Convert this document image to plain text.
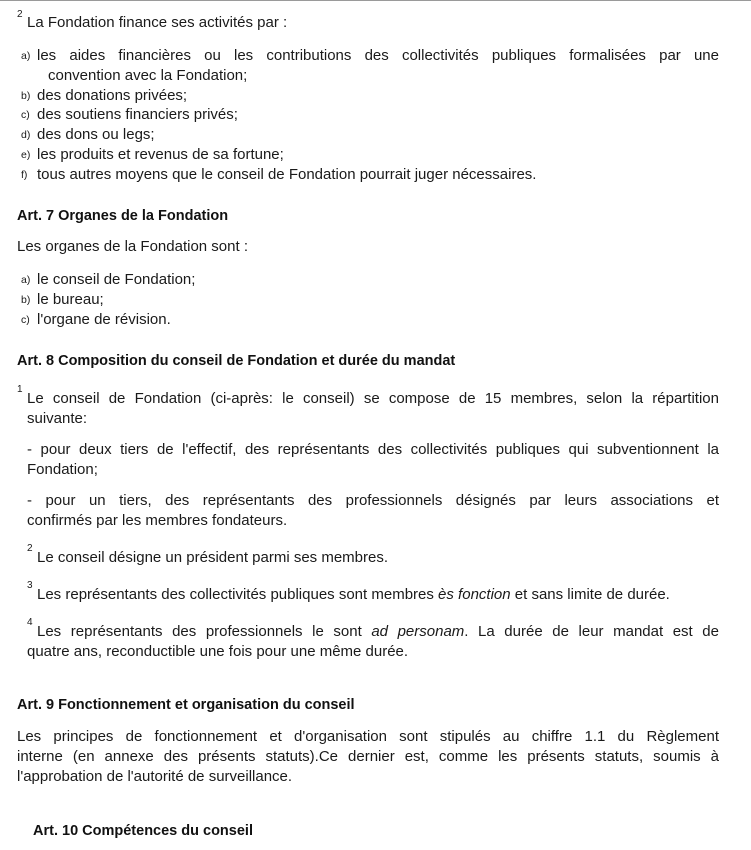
2 La Fondation finance ses activités par :
a) les aides financières ou les contributions des collectivités publiques formalisées par une
convention avec la Fondation;
b) des donations privées;
c) des soutiens financiers privés;
d) des dons ou legs;
e) les produits et revenus de sa fortune;
f) tous autres moyens que le conseil de Fondation pourrait juger nécessaires.
Art. 7 Organes de la Fondation
Les organes de la Fondation sont :
a) le conseil de Fondation;
b) le bureau;
c) l'organe de révision.
Art. 8 Composition du conseil de Fondation et durée du mandat
1
Le conseil de Fondation (ci-après: le conseil) se compose de 15 membres, selon la répartition
suivante:
- pour deux tiers de l'effectif, des représentants des collectivités publiques qui subventionnent la
Fondation;
- pour un tiers, des représentants des professionnels désignés par leurs associations et
confirmés par les membres fondateurs.
2
Le conseil désigne un président parmi ses membres.
3
Les représentants des collectivités publiques sont membres ès fonction et sans limite de durée.
4
Les représentants des professionnels le sont ad personam. La durée de leur mandat est de
quatre ans, reconductible une fois pour une même durée.
Art. 9 Fonctionnement et organisation du conseil
Les principes de fonctionnement et d'organisation sont stipulés au chiffre 1.1 du Règlement
interne (en annexe des présents statuts).Ce dernier est, comme les présents statuts, soumis à
l'approbation de l'autorité de surveillance.
Art. 10 Compétences du conseil
